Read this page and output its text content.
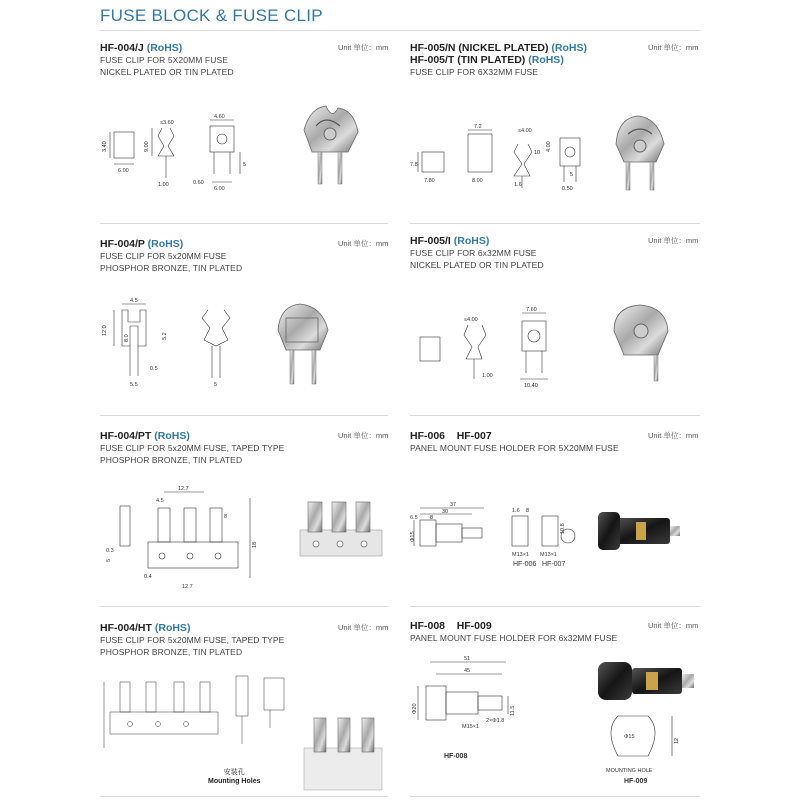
FUSE BLOCK & FUSE CLIP
HF-004/J (RoHS)
FUSE CLIP FOR 5X20MM FUSE
NICKEL PLATED OR TIN PLATED
Unit 单位：mm
3.40
6.00
≤3.60
9.00
1.00
4.60
0.60
6.00
5
HF-005/N (NICKEL PLATED) (RoHS)
HF-005/T (TIN PLATED) (RoHS)
FUSE CLIP FOR 6X32MM FUSE
Unit 单位：mm
7.2
≤4.00
7.8
7.80	8.00
1.6
10
4.00
5
0.50
HF-004/P (RoHS)
FUSE CLIP FOR 5x20MM FUSE
PHOSPHOR BRONZE, TIN PLATED
Unit 单位：mm
4.5
12.0
8.0	5.2
0.5
5.5	5
HF-005/I (RoHS)
FUSE CLIP FOR 6x32MM FUSE
NICKEL PLATED OR TIN PLATED
Unit 单位：mm
≤4.00
7.60
1.00
10.40
HF-004/PT (RoHS)
FUSE CLIP FOR 5x20MM FUSE, TAPED TYPE
PHOSPHOR BRONZE, TIN PLATED
Unit 单位：mm
12.7
4.5
8
0.3
5
0.4
12.7
18
HF-006 HF-007
PANEL MOUNT FUSE HOLDER FOR 5X20MM FUSE
Unit 单位：mm
37
30
6.5 8
Φ15
1.6 8
M13×1 M13×1
10.8
HF-006 HF-007
HF-004/HT (RoHS)
FUSE CLIP FOR 5x20MM FUSE, TAPED TYPE
PHOSPHOR BRONZE, TIN PLATED
Unit 单位：mm
安装孔
Mounting Holes
HF-008 HF-009
PANEL MOUNT FUSE HOLDER FOR 6x32MM FUSE
Unit 单位：mm
51
45
Φ20
M15×1
2×Φ1.8
11.5
HF-008
Φ15
12
MOUNTING HOLE
HF-009
